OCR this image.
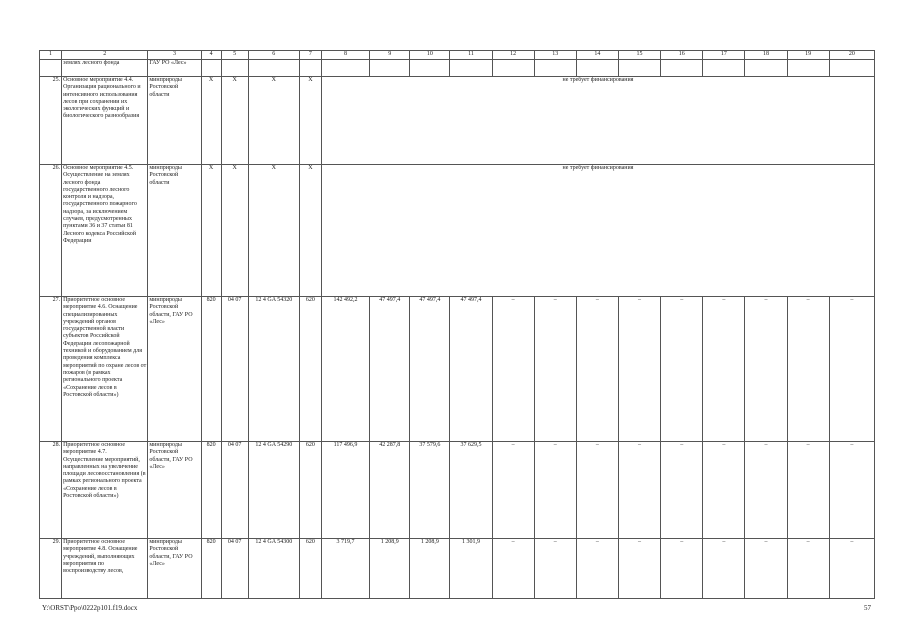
1	2	3	4	5	6	7	8	9	10	11	12	13	14	15	16	17	18	19	20
	землях лесного фонда	ГАУ РО «Лес»																	
25.	Основное мероприятие 4.4. Организация рационального и интенсивного использования лесов при сохранении их экологических функций и биологического разнообразия	минприроды Ростовской области	Х	Х	Х	Х	не требует финансирования												
26.	Основное мероприятие 4.5. Осуществление на землях лесного фонда государственного лесного контроля и надзора, государственного пожарного надзора, за исключением случаев, предусмотренных пунктами 36 и 37 статьи 81 Лесного кодекса Российской Федерации	минприроды Ростовской области	Х	Х	Х	Х	не требует финансирования												
27.	Приоритетное основное мероприятие 4.6. Оснащение специализированных учреждений органов государственной власти субъектов Российской Федерации лесопожарной техникой и оборудованием для проведения комплекса мероприятий по охране лесов от пожаров (в рамках регионального проекта «Сохранение лесов в Ростовской области»)	минприроды Ростовской области, ГАУ РО «Лес»	820	04 07	12 4 GA 54320	620	142 492,2	47 497,4	47 497,4	47 497,4	–	–	–	–	–	–	–	–	–
28.	Приоритетное основное мероприятие 4.7. Осуществление мероприятий, направленных на увеличение площади лесовосстановления (в рамках регионального проекта «Сохранение лесов в Ростовской области»)	минприроды Ростовской области, ГАУ РО «Лес»	820	04 07	12 4 GA 54290	620	117 496,9	42 287,8	37 579,6	37 629,5	–	–	–	–	–	–	–	–	–
29.	Приоритетное основное мероприятие 4.8. Оснащение учреждений, выполняющих мероприятия по воспроизводству лесов,	минприроды Ростовской области, ГАУ РО «Лес»	820	04 07	12 4 GA 54300	620	3 719,7	1 208,9	1 208,9	1 301,9	–	–	–	–	–	–	–	–	–
Y:\ORST\Ppo\0222p101.f19.docx	57
